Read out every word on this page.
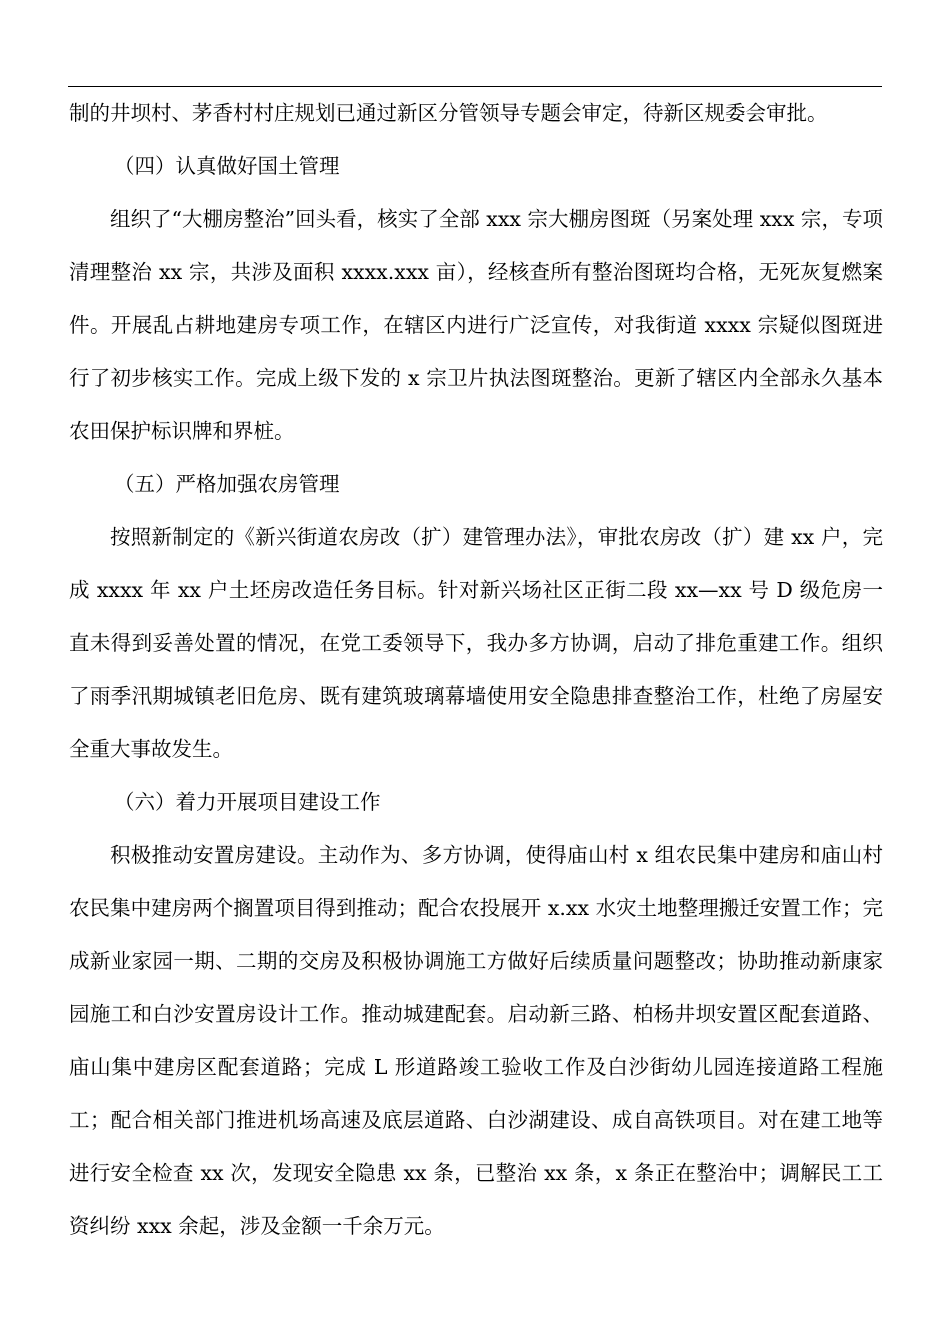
制的井坝村、茅香村村庄规划已通过新区分管领导专题会审定，待新区规委会审批。

（四）认真做好国土管理

组织了“大棚房整治”回头看，核实了全部 xxx 宗大棚房图斑（另案处理 xxx 宗，专项清理整治 xx 宗，共涉及面积 xxxx.xxx 亩），经核查所有整治图斑均合格，无死灰复燃案件。开展乱占耕地建房专项工作，在辖区内进行广泛宣传，对我街道 xxxx 宗疑似图斑进行了初步核实工作。完成上级下发的 x 宗卫片执法图斑整治。更新了辖区内全部永久基本农田保护标识牌和界桩。

（五）严格加强农房管理

按照新制定的《新兴街道农房改（扩）建管理办法》，审批农房改（扩）建 xx 户，完成 xxxx 年 xx 户土坯房改造任务目标。针对新兴场社区正街二段 xx—xx 号 D 级危房一直未得到妥善处置的情况，在党工委领导下，我办多方协调，启动了排危重建工作。组织了雨季汛期城镇老旧危房、既有建筑玻璃幕墙使用安全隐患排查整治工作，杜绝了房屋安全重大事故发生。

（六）着力开展项目建设工作

积极推动安置房建设。主动作为、多方协调，使得庙山村 x 组农民集中建房和庙山村农民集中建房两个搁置项目得到推动；配合农投展开 x.xx 水灾土地整理搬迁安置工作；完成新业家园一期、二期的交房及积极协调施工方做好后续质量问题整改；协助推动新康家园施工和白沙安置房设计工作。推动城建配套。启动新三路、柏杨井坝安置区配套道路、庙山集中建房区配套道路；完成 L 形道路竣工验收工作及白沙街幼儿园连接道路工程施工；配合相关部门推进机场高速及底层道路、白沙湖建设、成自高铁项目。对在建工地等进行安全检查 xx 次，发现安全隐患 xx 条，已整治 xx 条，x 条正在整治中；调解民工工资纠纷 xxx 余起，涉及金额一千余万元。
